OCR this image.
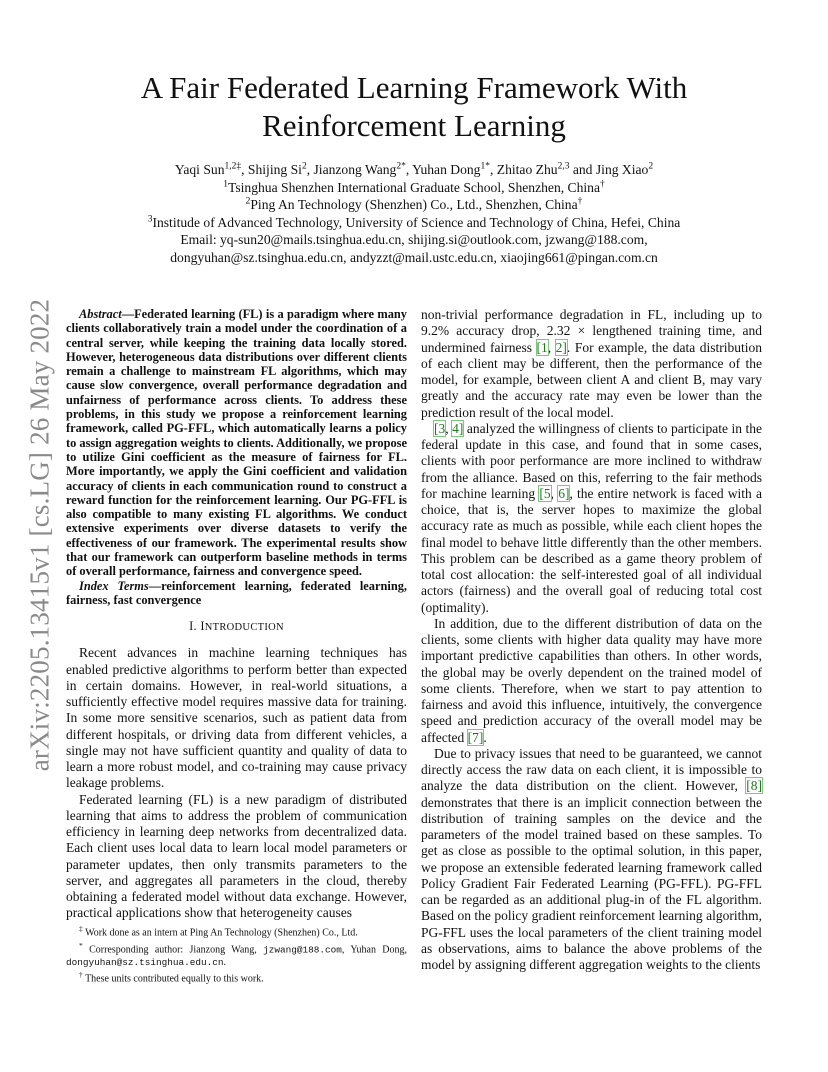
arXiv:2205.13415v1 [cs.LG] 26 May 2022
A Fair Federated Learning Framework With
Reinforcement Learning
Yaqi Sun$^{1,2\ddagger}$, Shijing Si$^2$, Jianzong Wang$^{2*}$, Yuhan Dong$^{1*}$, Zhitao Zhu$^{2,3}$ and Jing Xiao$^2$
$^1$Tsinghua Shenzhen International Graduate School, Shenzhen, China†
$^2$Ping An Technology (Shenzhen) Co., Ltd., Shenzhen, China†
$^3$Institude of Advanced Technology, University of Science and Technology of China, Hefei, China
Email: yq-sun20@mails.tsinghua.edu.cn, shijing.si@outlook.com, jzwang@188.com,
dongyuhan@sz.tsinghua.edu.cn, andyzzt@mail.ustc.edu.cn, xiaojing661@pingan.com.cn

Abstract—Federated learning (FL) is a paradigm where many clients collaboratively train a model under the coordination of a central server, while keeping the training data locally stored. However, heterogeneous data distributions over different clients remain a challenge to mainstream FL algorithms, which may cause slow convergence, overall performance degradation and unfairness of performance across clients. To address these problems, in this study we propose a reinforcement learning framework, called PG-FFL, which automatically learns a policy to assign aggregation weights to clients. Additionally, we propose to utilize Gini coefficient as the measure of fairness for FL. More importantly, we apply the Gini coefficient and validation accuracy of clients in each communication round to construct a reward function for the reinforcement learning. Our PG-FFL is also compatible to many existing FL algorithms. We conduct extensive experiments over diverse datasets to verify the effectiveness of our framework. The experimental results show that our framework can outperform baseline methods in terms of overall performance, fairness and convergence speed.

Index Terms—reinforcement learning, federated learning, fairness, fast convergence

I. INTRODUCTION

Recent advances in machine learning techniques has enabled predictive algorithms to perform better than expected in certain domains. However, in real-world situations, a sufficiently effective model requires massive data for training. In some more sensitive scenarios, such as patient data from different hospitals, or driving data from different vehicles, a single may not have sufficient quantity and quality of data to learn a more robust model, and co-training may cause privacy leakage problems.

Federated learning (FL) is a new paradigm of distributed learning that aims to address the problem of communication efficiency in learning deep networks from decentralized data. Each client uses local data to learn local model parameters or parameter updates, then only transmits parameters to the server, and aggregates all parameters in the cloud, thereby obtaining a federated model without data exchange. However, practical applications show that heterogeneity causes

non-trivial performance degradation in FL, including up to 9.2% accuracy drop, 2.32 × lengthened training time, and undermined fairness [1, 2]. For example, the data distribution of each client may be different, then the performance of the model, for example, between client A and client B, may vary greatly and the accuracy rate may even be lower than the prediction result of the local model.

[3, 4] analyzed the willingness of clients to participate in the federal update in this case, and found that in some cases, clients with poor performance are more inclined to withdraw from the alliance. Based on this, referring to the fair methods for machine learning [5, 6], the entire network is faced with a choice, that is, the server hopes to maximize the global accuracy rate as much as possible, while each client hopes the final model to behave little differently than the other members. This problem can be described as a game theory problem of total cost allocation: the self-interested goal of all individual actors (fairness) and the overall goal of reducing total cost (optimality).

In addition, due to the different distribution of data on the clients, some clients with higher data quality may have more important predictive capabilities than others. In other words, the global may be overly dependent on the trained model of some clients. Therefore, when we start to pay attention to fairness and avoid this influence, intuitively, the convergence speed and prediction accuracy of the overall model may be affected [7].

Due to privacy issues that need to be guaranteed, we cannot directly access the raw data on each client, it is impossible to analyze the data distribution on the client. However, [8] demonstrates that there is an implicit connection between the distribution of training samples on the device and the parameters of the model trained based on these samples. To get as close as possible to the optimal solution, in this paper, we propose an extensible federated learning framework called Policy Gradient Fair Federated Learning (PG-FFL). PG-FFL can be regarded as an additional plug-in of the FL algorithm. Based on the policy gradient reinforcement learning algorithm, PG-FFL uses the local parameters of the client training model as observations, aims to balance the above problems of the model by assigning different aggregation weights to the clients

‡ Work done as an intern at Ping An Technology (Shenzhen) Co., Ltd.

* Corresponding author: Jianzong Wang, jzwang@188.com, Yuhan Dong, dongyuhan@sz.tsinghua.edu.cn.

† These units contributed equally to this work.
